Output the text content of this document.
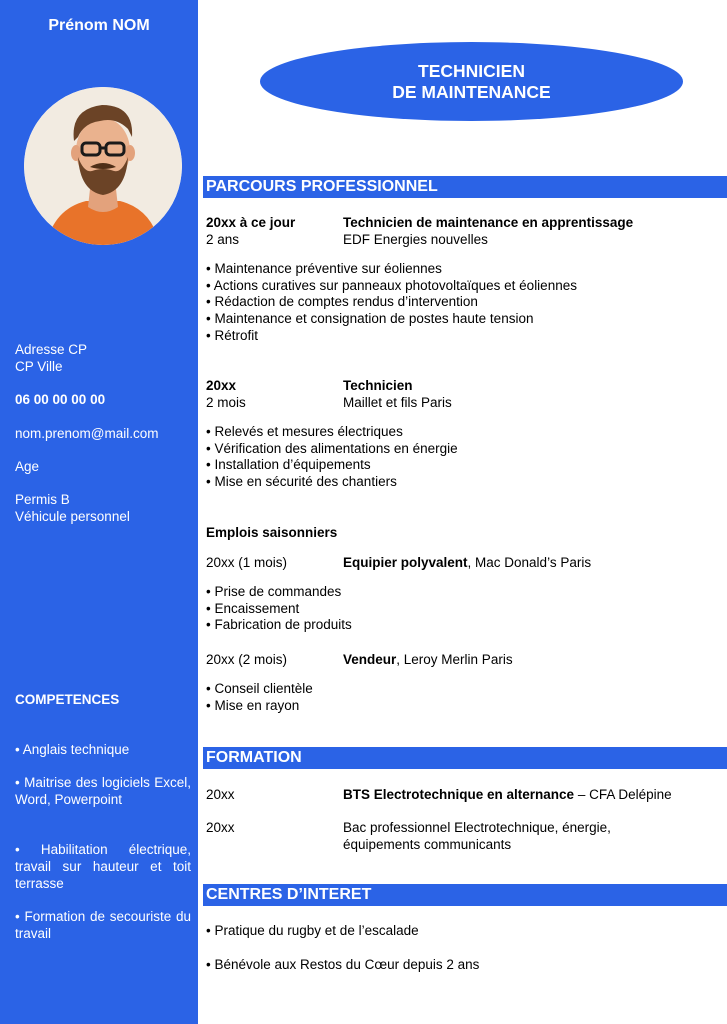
Prénom NOM
Adresse CP
CP Ville
06 00 00 00 00
nom.prenom@mail.com
Age
Permis B
Véhicule personnel
COMPETENCES
• Anglais technique
• Maitrise des logiciels Excel, Word, Powerpoint
• Habilitation électrique, travail sur hauteur et toit terrasse
• Formation de secouriste du travail
TECHNICIEN
DE MAINTENANCE
PARCOURS PROFESSIONNEL
20xx à ce jour	Technicien de maintenance en apprentissage
2 ans	EDF Energies nouvelles
• Maintenance préventive sur éoliennes
• Actions curatives sur panneaux photovoltaïques et éoliennes
• Rédaction de comptes rendus d’intervention
• Maintenance et consignation de postes haute tension
• Rétrofit
20xx	Technicien
2 mois	Maillet et fils Paris
• Relevés et mesures électriques
• Vérification des alimentations en énergie
• Installation d’équipements
• Mise en sécurité des chantiers
Emplois saisonniers
20xx (1 mois)	Equipier polyvalent, Mac Donald’s Paris
• Prise de commandes
• Encaissement
• Fabrication de produits
20xx (2 mois)	Vendeur, Leroy Merlin Paris
• Conseil clientèle
• Mise en rayon
FORMATION
20xx	BTS Electrotechnique en alternance – CFA Delépine
20xx	Bac professionnel Electrotechnique, énergie,
équipements communicants
CENTRES D’INTERET
• Pratique du rugby et de l’escalade
• Bénévole aux Restos du Cœur depuis 2 ans
